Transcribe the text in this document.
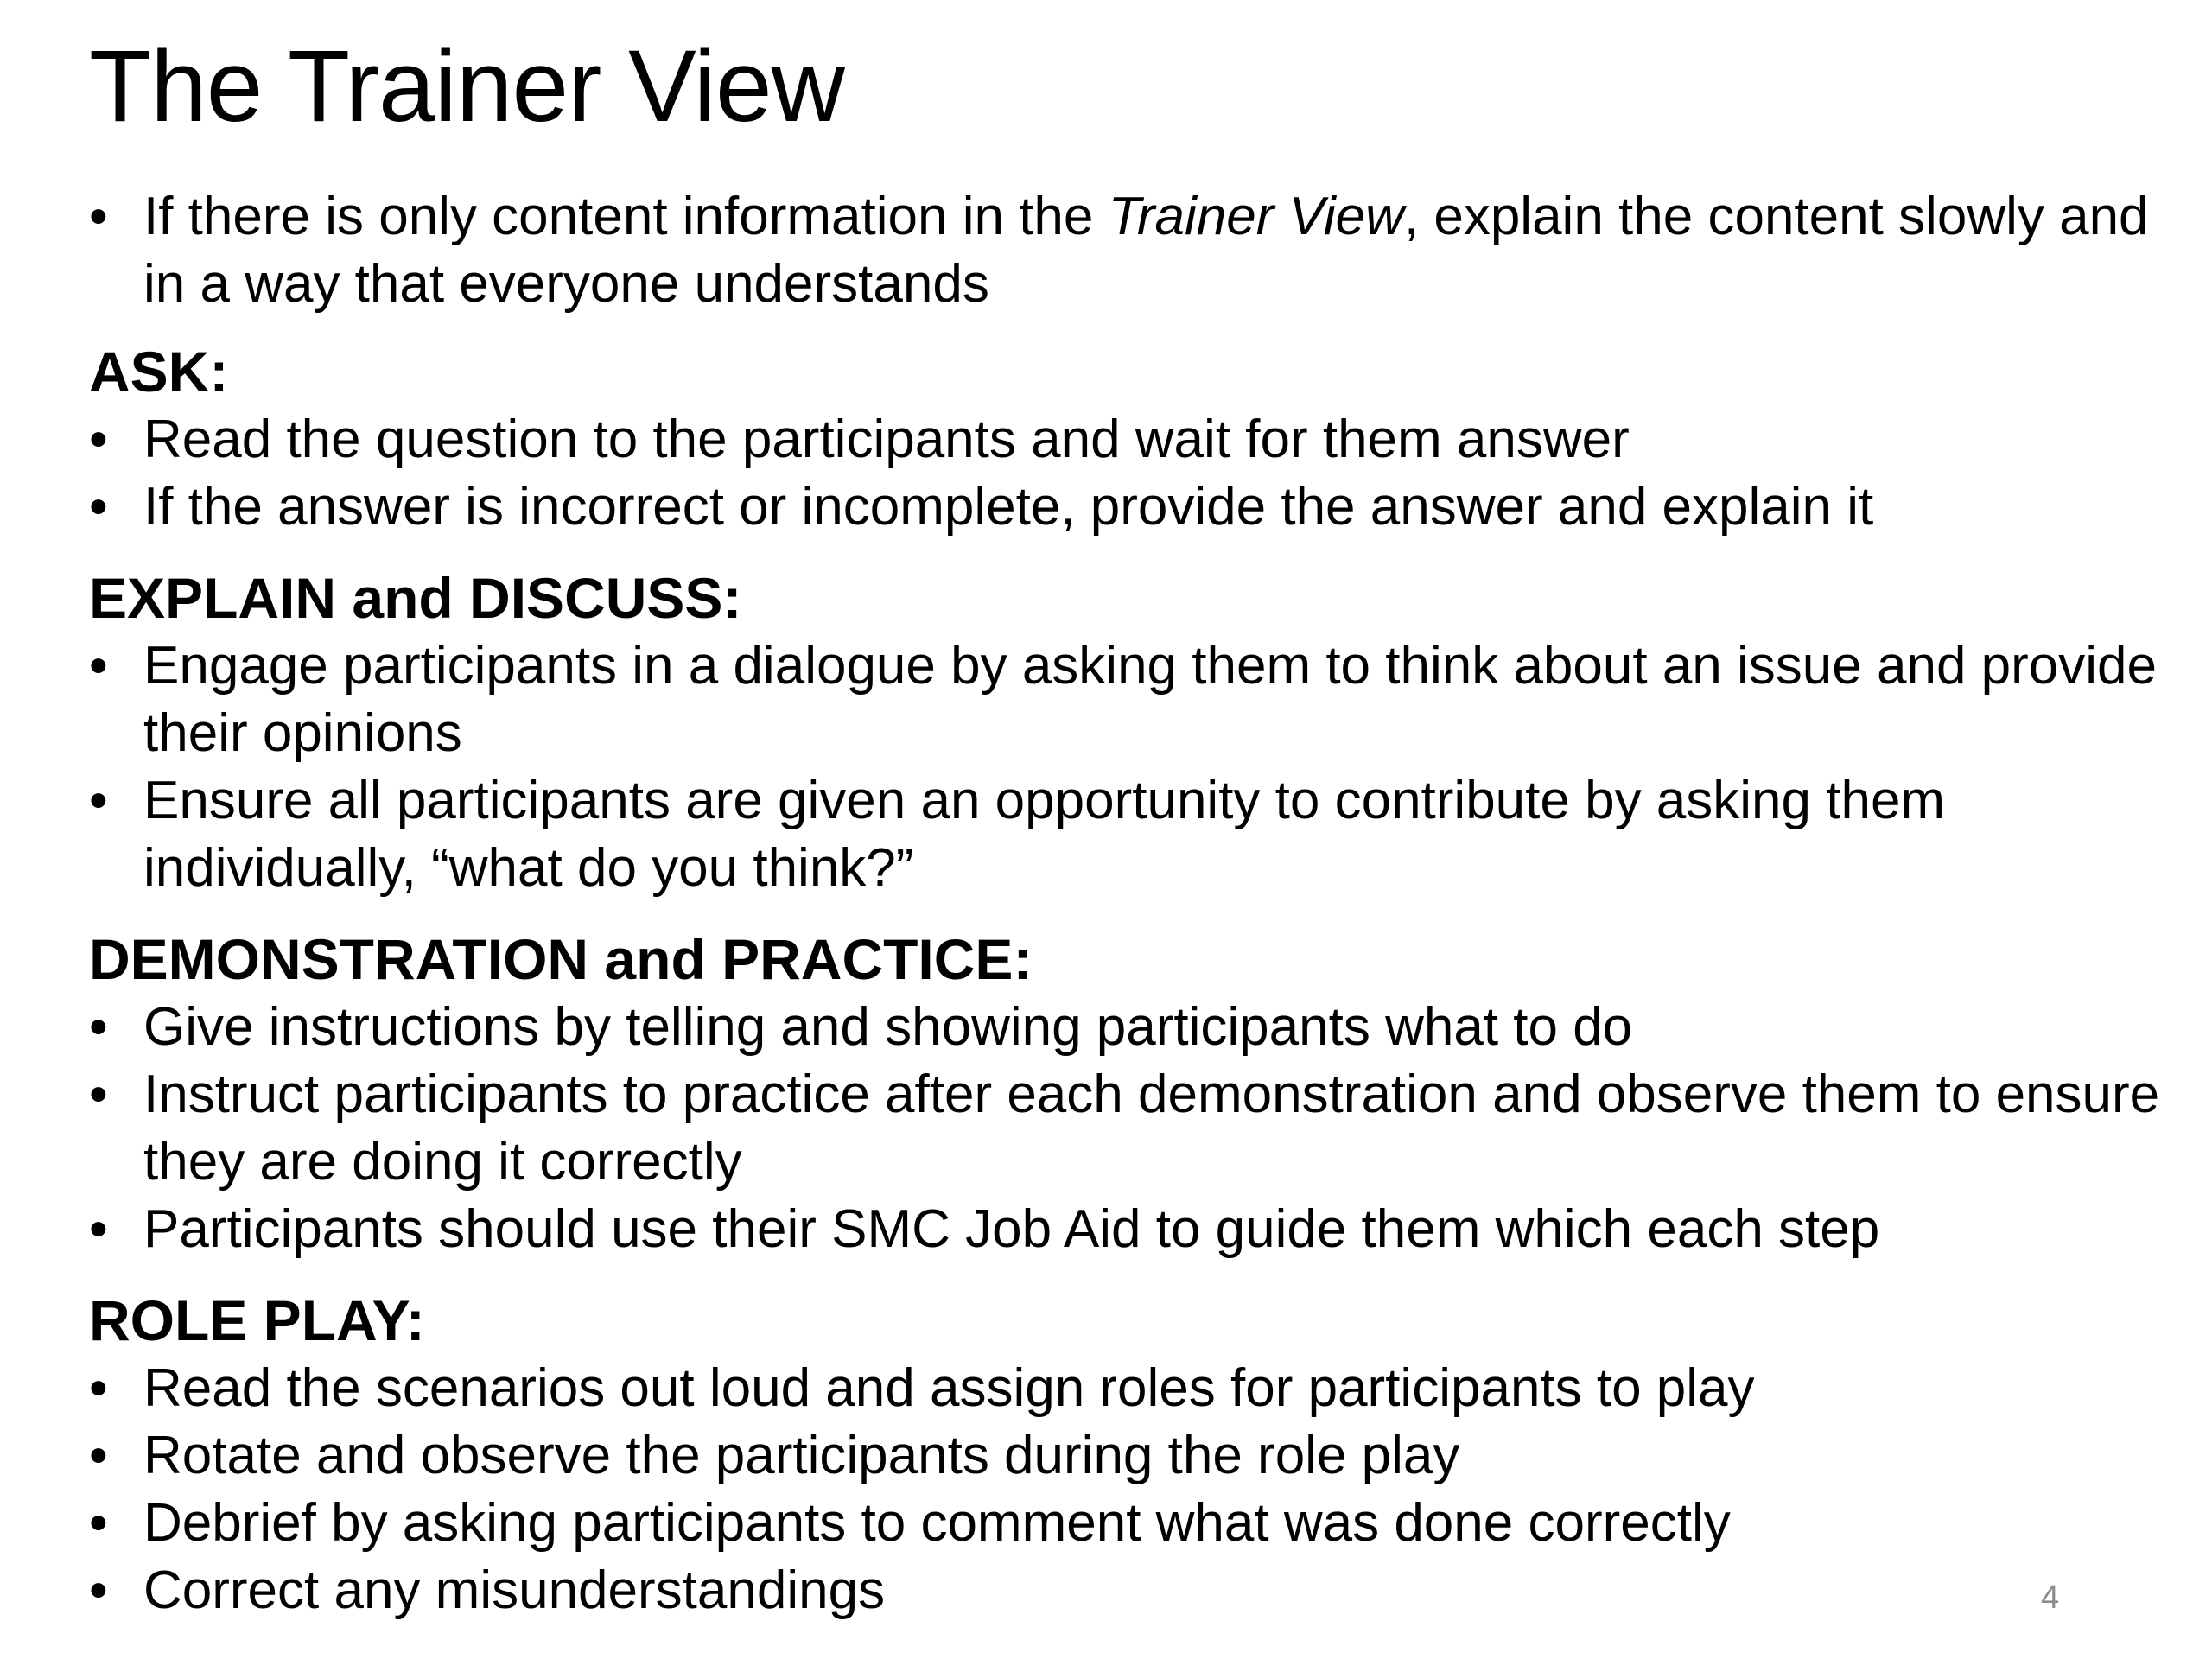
The Trainer View

• If there is only content information in the Trainer View, explain the content slowly and in a way that everyone understands

ASK:

• Read the question to the participants and wait for them answer

• If the answer is incorrect or incomplete, provide the answer and explain it

EXPLAIN and DISCUSS:

• Engage participants in a dialogue by asking them to think about an issue and provide their opinions

• Ensure all participants are given an opportunity to contribute by asking them individually, “what do you think?”

DEMONSTRATION and PRACTICE:

• Give instructions by telling and showing participants what to do

• Instruct participants to practice after each demonstration and observe them to ensure they are doing it correctly

• Participants should use their SMC Job Aid to guide them which each step

ROLE PLAY:

• Read the scenarios out loud and assign roles for participants to play

• Rotate and observe the participants during the role play

• Debrief by asking participants to comment what was done correctly

• Correct any misunderstandings	4
